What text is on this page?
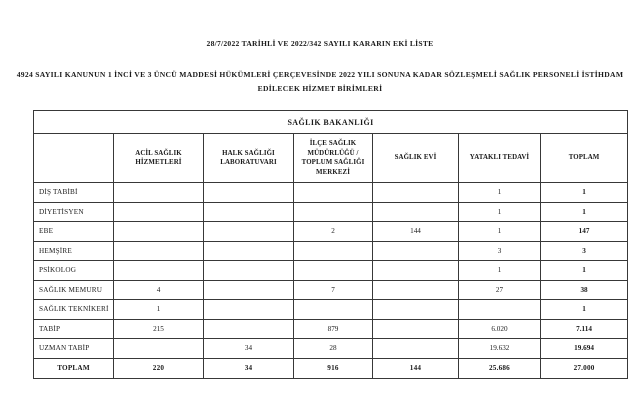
28/7/2022 TARİHLİ VE 2022/342 SAYILI KARARIN EKİ LİSTE
4924 SAYILI KANUNUN 1 İNCİ VE 3 ÜNCÜ MADDESİ HÜKÜMLERİ ÇERÇEVESİNDE 2022 YILI SONUNA KADAR SÖZLEŞMELİ SAĞLIK PERSONELİ İSTİHDAM
EDİLECEK HİZMET BİRİMLERİ
SAĞLIK BAKANLIĞI						
	ACİL SAĞLIK HİZMETLERİ	HALK SAĞLIĞI LABORATUVARI	İLÇE SAĞLIK MÜDÜRLÜĞÜ / TOPLUM SAĞLIĞI MERKEZİ	SAĞLIK EVİ	YATAKLI TEDAVİ	TOPLAM
DİŞ TABİBİ					1	1
DİYETİSYEN					1	1
EBE			2	144	1	147
HEMŞİRE					3	3
PSİKOLOG					1	1
SAĞLIK MEMURU	4		7		27	38
SAĞLIK TEKNİKERİ	1					1
TABİP	215		879		6.020	7.114
UZMAN TABİP		34	28		19.632	19.694
TOPLAM	220	34	916	144	25.686	27.000
